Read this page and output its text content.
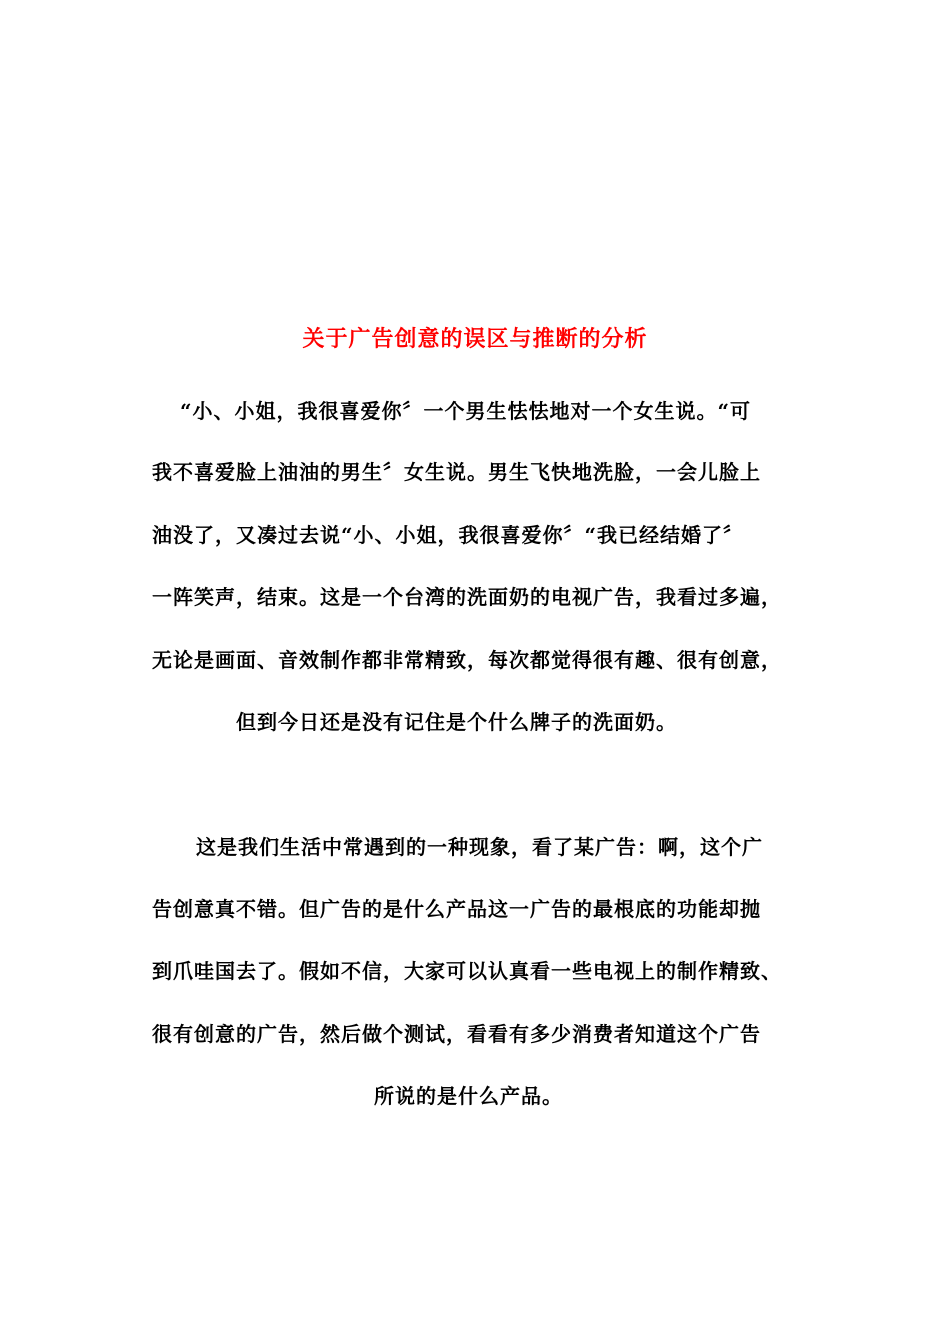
关于广告创意的误区与推断的分析

“小、小姐，我很喜爱你〞一个男生怯怯地对一个女生说。“可

我不喜爱脸上油油的男生〞女生说。男生飞快地洗脸，一会儿脸上

油没了，又凑过去说“小、小姐，我很喜爱你〞“我已经结婚了〞

一阵笑声，结束。这是一个台湾的洗面奶的电视广告，我看过多遍，

无论是画面、音效制作都非常精致，每次都觉得很有趣、很有创意，

但到今日还是没有记住是个什么牌子的洗面奶。

这是我们生活中常遇到的一种现象，看了某广告：啊，这个广

告创意真不错。但广告的是什么产品这一广告的最根底的功能却抛

到爪哇国去了。假如不信，大家可以认真看一些电视上的制作精致、

很有创意的广告，然后做个测试，看看有多少消费者知道这个广告

所说的是什么产品。
